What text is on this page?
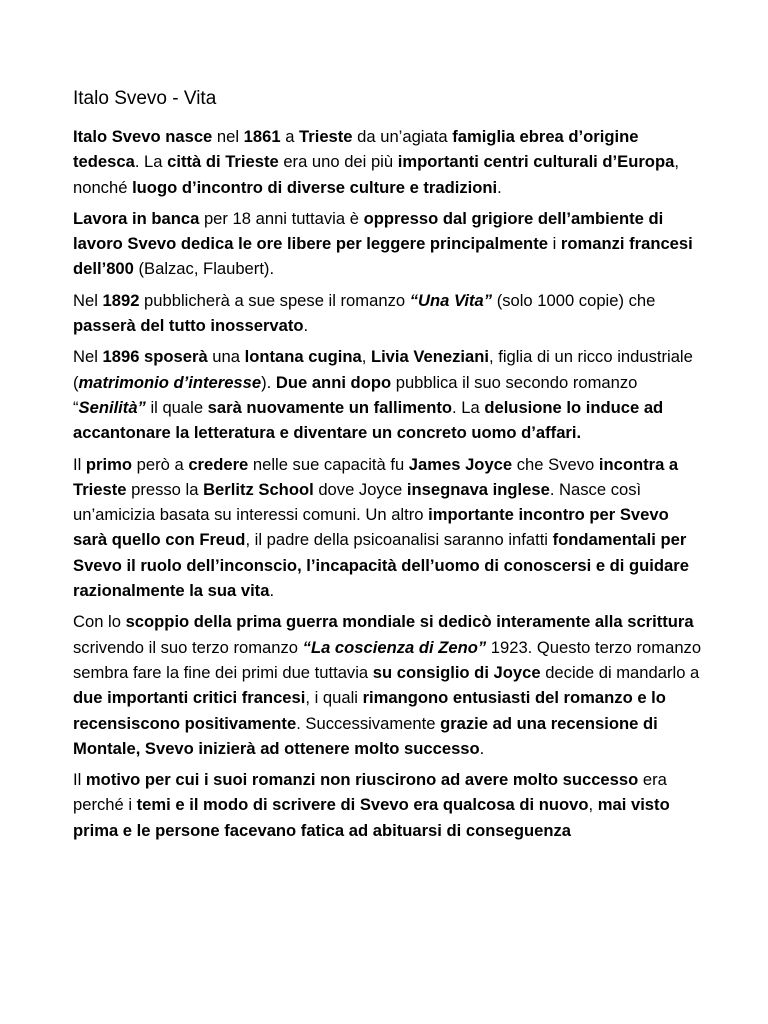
Italo Svevo - Vita

Italo Svevo nasce nel 1861 a Trieste da un’agiata famiglia ebrea d’origine tedesca. La città di Trieste era uno dei più importanti centri culturali d’Europa, nonché luogo d’incontro di diverse culture e tradizioni.

Lavora in banca per 18 anni tuttavia è oppresso dal grigiore dell’ambiente di lavoro Svevo dedica le ore libere per leggere principalmente i romanzi francesi dell’800 (Balzac, Flaubert).

Nel 1892 pubblicherà a sue spese il romanzo “Una Vita” (solo 1000 copie) che passerà del tutto inosservato.

Nel 1896 sposerà una lontana cugina, Livia Veneziani, figlia di un ricco industriale (matrimonio d’interesse). Due anni dopo pubblica il suo secondo romanzo “Senilità” il quale sarà nuovamente un fallimento. La delusione lo induce ad accantonare la letteratura e diventare un concreto uomo d’affari.

Il primo però a credere nelle sue capacità fu James Joyce che Svevo incontra a Trieste presso la Berlitz School dove Joyce insegnava inglese. Nasce così un’amicizia basata su interessi comuni. Un altro importante incontro per Svevo sarà quello con Freud, il padre della psicoanalisi saranno infatti fondamentali per Svevo il ruolo dell’inconscio, l’incapacità dell’uomo di conoscersi e di guidare razionalmente la sua vita.

Con lo scoppio della prima guerra mondiale si dedicò interamente alla scrittura scrivendo il suo terzo romanzo “La coscienza di Zeno” 1923. Questo terzo romanzo sembra fare la fine dei primi due tuttavia su consiglio di Joyce decide di mandarlo a due importanti critici francesi, i quali rimangono entusiasti del romanzo e lo recensiscono positivamente. Successivamente grazie ad una recensione di Montale, Svevo inizierà ad ottenere molto successo.

Il motivo per cui i suoi romanzi non riuscirono ad avere molto successo era perché i temi e il modo di scrivere di Svevo era qualcosa di nuovo, mai visto prima e le persone facevano fatica ad abituarsi di conseguenza
